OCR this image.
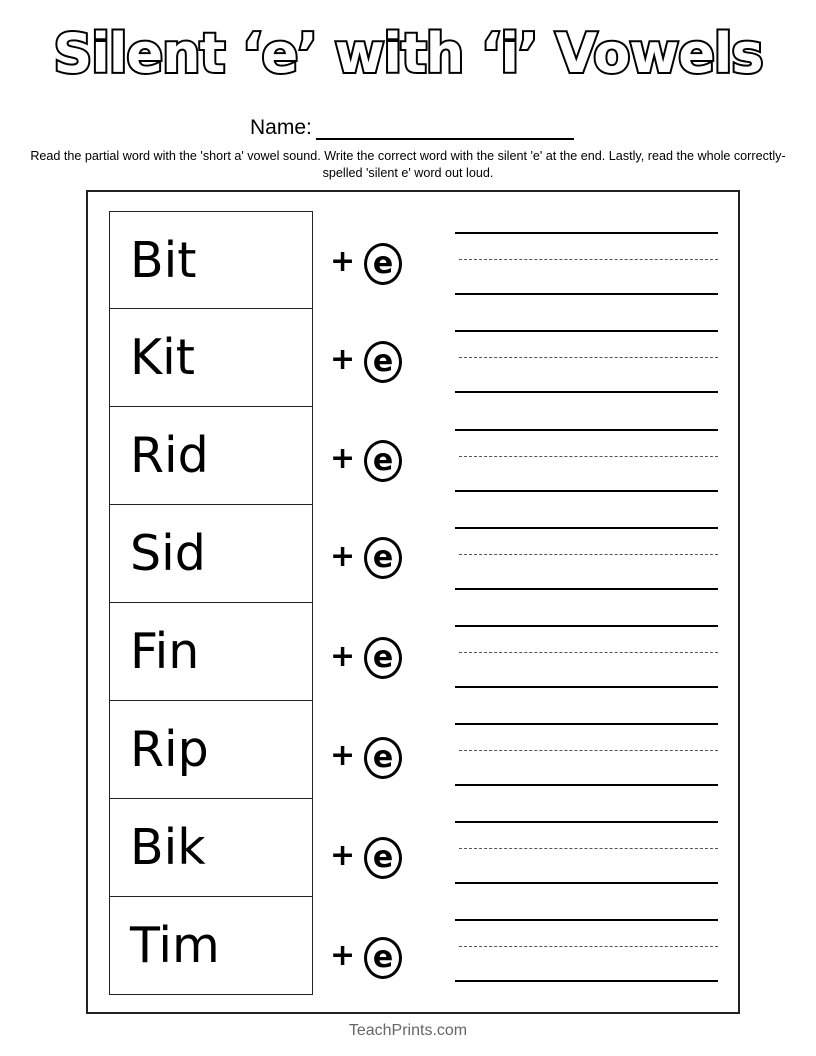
Silent ‘e’ with ‘i’ Vowels
Name:
Read the partial word with the 'short a' vowel sound. Write the correct word with the silent 'e' at the end. Lastly, read the whole correctly-spelled 'silent e' word out loud.
Bit
Kit
Rid
Sid
Fin
Rip
Bik
Tim
+ e
+ e
+ e
+ e
+ e
+ e
+ e
+ e
TeachPrints.com
